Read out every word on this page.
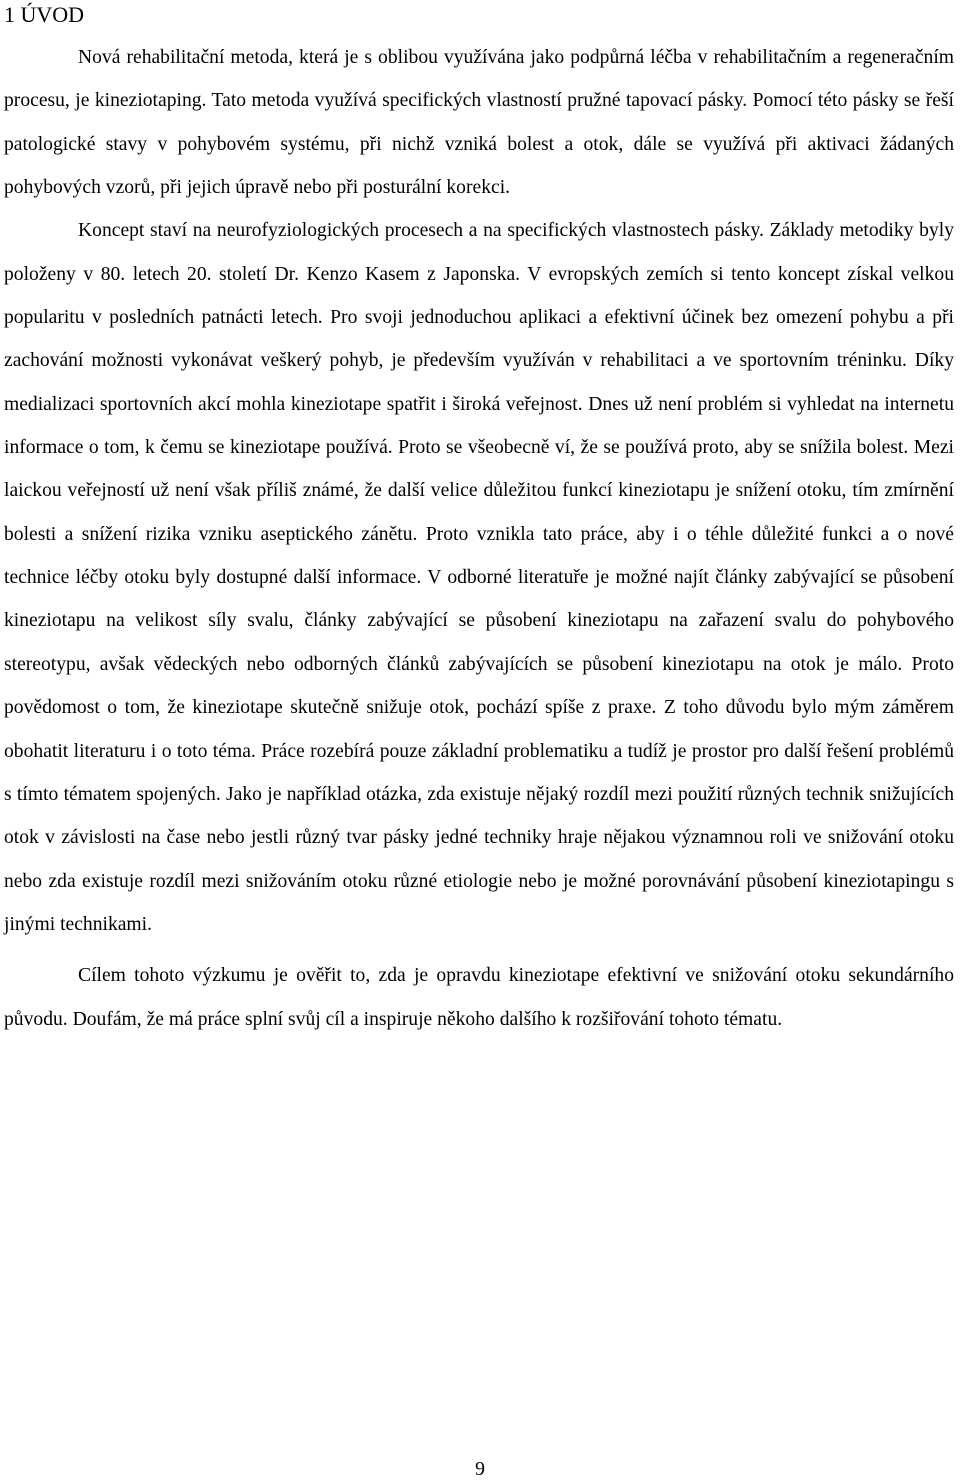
1 ÚVOD

Nová rehabilitační metoda, která je s oblibou využívána jako podpůrná léčba v rehabilitačním a regeneračním procesu, je kineziotaping. Tato metoda využívá specifických vlastností pružné tapovací pásky. Pomocí této pásky se řeší patologické stavy v pohybovém systému, při nichž vzniká bolest a otok, dále se využívá při aktivaci žádaných pohybových vzorů, při jejich úpravě nebo při posturální korekci.

Koncept staví na neurofyziologických procesech a na specifických vlastnostech pásky. Základy metodiky byly položeny v 80. letech 20. století Dr. Kenzo Kasem z Japonska. V evropských zemích si tento koncept získal velkou popularitu v posledních patnácti letech. Pro svoji jednoduchou aplikaci a efektivní účinek bez omezení pohybu a při zachování možnosti vykonávat veškerý pohyb, je především využíván v rehabilitaci a ve sportovním tréninku. Díky medializaci sportovních akcí mohla kineziotape spatřit i široká veřejnost. Dnes už není problém si vyhledat na internetu informace o tom, k čemu se kineziotape používá. Proto se všeobecně ví, že se používá proto, aby se snížila bolest. Mezi laickou veřejností už není však příliš známé, že další velice důležitou funkcí kineziotapu je snížení otoku, tím zmírnění bolesti a snížení rizika vzniku aseptického zánětu. Proto vznikla tato práce, aby i o téhle důležité funkci a o nové technice léčby otoku byly dostupné další informace. V odborné literatuře je možné najít články zabývající se působení kineziotapu na velikost síly svalu, články zabývající se působení kineziotapu na zařazení svalu do pohybového stereotypu, avšak vědeckých nebo odborných článků zabývajících se působení kineziotapu na otok je málo. Proto povědomost o tom, že kineziotape skutečně snižuje otok, pochází spíše z praxe. Z toho důvodu bylo mým záměrem obohatit literaturu i o toto téma. Práce rozebírá pouze základní problematiku a tudíž je prostor pro další řešení problémů s tímto tématem spojených. Jako je například otázka, zda existuje nějaký rozdíl mezi použití různých technik snižujících otok v závislosti na čase nebo jestli různý tvar pásky jedné techniky hraje nějakou významnou roli ve snižování otoku nebo zda existuje rozdíl mezi snižováním otoku různé etiologie nebo je možné porovnávání působení kineziotapingu s jinými technikami.

Cílem tohoto výzkumu je ověřit to, zda je opravdu kineziotape efektivní ve snižování otoku sekundárního původu. Doufám, že má práce splní svůj cíl a inspiruje někoho dalšího k rozšiřování tohoto tématu.

9
